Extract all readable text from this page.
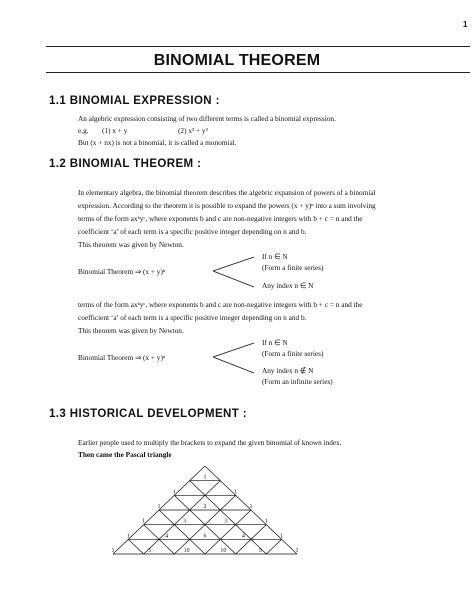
1
BINOMIAL THEOREM
1.1 BINOMIAL EXPRESSION :
An algebric expression consisting of two different terms is called a binomial expression.
e.g. (1) x + y	(2) x³ + y³
But (x + nx) is not a binomial, it is called a monomial.
1.2 BINOMIAL THEOREM :

In elementary algebra, the binomial theorem describes the algebric expansion of powers of a binomial

expression. According to the theorem it is possible to expand the powers (x + y)ⁿ into a sum involving

terms of the form axᵇyᶜ, where exponents b and c are non-negative integers with b + c = n and the

coefficient ‘a’ of each term is a specific positive integer depending on n and b.

This theorem was given by Newton.

Binomial Theorem ⇒ (x + y)ⁿ
If n ∈ N
(Form a finite series)
Any index n ∈ N

terms of the form axᵇyᶜ, where exponents b and c are non-negative integers with b + c = n and the

coefficient ‘a’ of each term is a specific positive integer depending on n and b.

This theorem was given by Newton.

Binomial Theorem ⇒ (x + y)ⁿ
If n ∈ N
(Form a finite series)
Any index n ∉ N
(Form an infinite series)
1.3 HISTORICAL DEVELOPMENT :
Earlier people used to multiply the brackets to expand the given binomial of known index.
Then came the Pascal triangle
1
1	1
1	2	1
1	3	3	1
1	4	6	4	1
1	5	10	10	5	1
